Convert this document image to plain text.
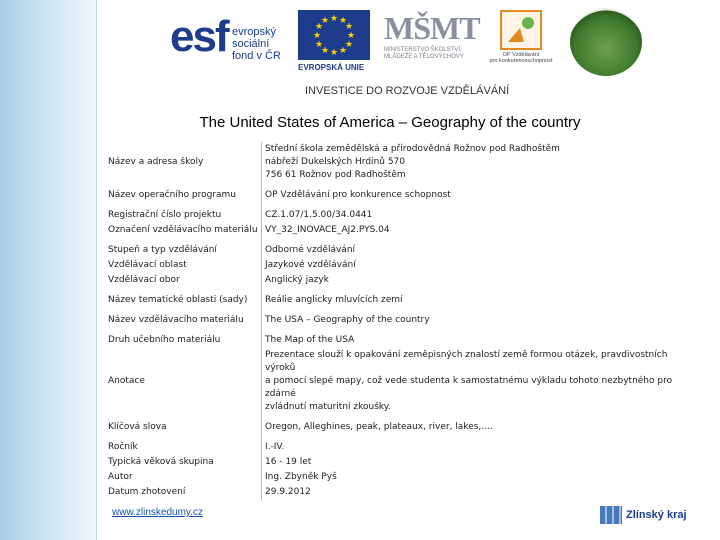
esf evropský
sociální
fond v ČR
★ ★
★
★
★
★
★
★
★
★
★
★
EVROPSKÁ UNIE
MŠMT
MINISTERSTVO ŠKOLSTVÍ,
MLÁDEŽE A TĚLOVÝCHOVY	OP Vzdělávání
pro konkurenceschopnost
INVESTICE DO ROZVOJE VZDĚLÁVÁNÍ
The United States of America – Geography of the country
Název a adresa školy	Střední škola zemědělská a přírodovědná Rožnov pod Radhoštěm
nábřeží Dukelských Hrdinů 570
756 61 Rožnov pod Radhoštěm

Název operačního programu	OP Vzdělávání pro konkurence schopnost

Registrační číslo projektu	CZ.1.07/1.5.00/34.0441

Označení vzdělávacího materiálu	VY_32_INOVACE_AJ2.PYS.04

Stupeň a typ vzdělávání	Odborné vzdělávání

Vzdělávací oblast	Jazykové vzdělávání

Vzdělávací obor	Anglický jazyk

Název tematické oblasti (sady)	Reálie anglicky mluvících zemí

Název vzdělávacího materiálu	The USA – Geography of the country

Druh učebního materiálu	The Map of the USA

Anotace	Prezentace slouží k opakování zeměpisných znalostí země formou otázek, pravdivostních výroků
a pomocí slepé mapy, což vede studenta k samostatnému výkladu tohoto nezbytného pro zdárné
zvládnutí maturitní zkoušky.

Klíčová slova	Oregon, Alleghines, peak, plateaux, river, lakes,….

Ročník	I.-IV.

Typická věková skupina	16 - 19 let

Autor	Ing. Zbyněk Pyš

Datum zhotovení	29.9.2012
www.zlinskedumy.cz	Zlínský kraj
